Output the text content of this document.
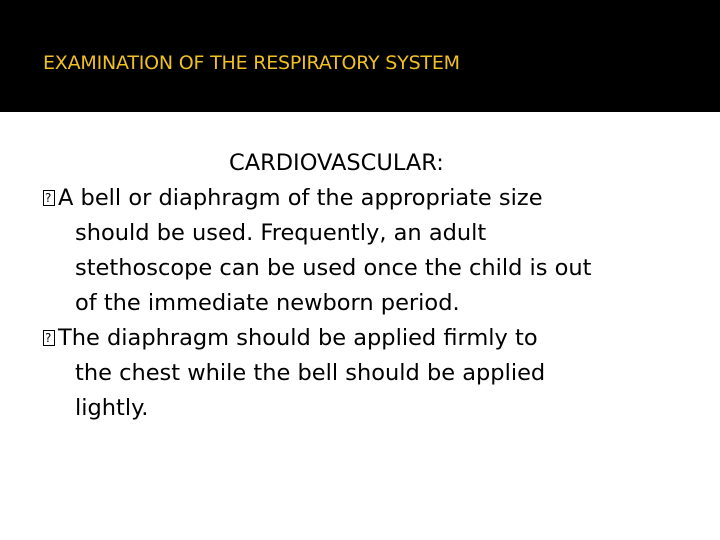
EXAMINATION OF THE RESPIRATORY SYSTEM
CARDIOVASCULAR:
?A bell or diaphragm of the appropriate size
should be used. Frequently, an adult
stethoscope can be used once the child is out
of the immediate newborn period.
?The diaphragm should be applied firmly to
the chest while the bell should be applied
lightly.
